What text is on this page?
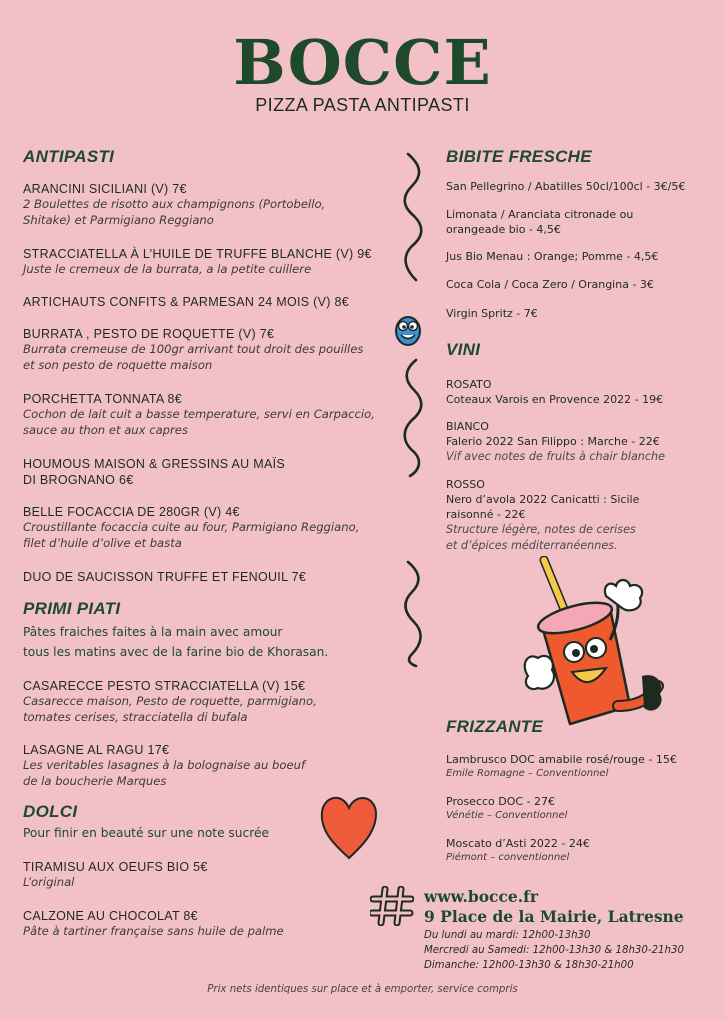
BOCCE
PIZZA PASTA ANTIPASTI
ANTIPASTI
ARANCINI SICILIANI (V) 7€
2 Boulettes de risotto aux champignons (Portobello,
Shitake) et Parmigiano Reggiano
STRACCIATELLA À L’HUILE DE TRUFFE BLANCHE (V) 9€
Juste le cremeux de la burrata, a la petite cuillere
ARTICHAUTS CONFITS & PARMESAN 24 MOIS (V) 8€
BURRATA , PESTO DE ROQUETTE (V) 7€
Burrata cremeuse de 100gr arrivant tout droit des pouilles
et son pesto de roquette maison
PORCHETTA TONNATA 8€
Cochon de lait cuit a basse temperature, servi en Carpaccio,
sauce au thon et aux capres
HOUMOUS MAISON & GRESSINS AU MAÏS
DI BROGNANO 6€
BELLE FOCACCIA DE 280GR (V) 4€
Croustillante focaccia cuite au four, Parmigiano Reggiano,
filet d’huile d’olive et basta
DUO DE SAUCISSON TRUFFE ET FENOUIL 7€
PRIMI PIATI
Pâtes fraiches faites à la main avec amour
tous les matins avec de la farine bio de Khorasan.
CASARECCE PESTO STRACCIATELLA (V) 15€
Casarecce maison, Pesto de roquette, parmigiano,
tomates cerises, stracciatella di bufala
LASAGNE AL RAGU 17€
Les veritables lasagnes à la bolognaise au boeuf
de la boucherie Marques
DOLCI
Pour finir en beauté sur une note sucrée
TIRAMISU AUX OEUFS BIO 5€
L’original
CALZONE AU CHOCOLAT 8€
Pâte à tartiner française sans huile de palme
BIBITE FRESCHE
San Pellegrino / Abatilles 50cl/100cl - 3€/5€
Limonata / Aranciata citronade ou
orangeade bio - 4,5€
Jus Bio Menau : Orange; Pomme - 4,5€
Coca Cola / Coca Zero / Orangina - 3€
Virgin Spritz - 7€
VINI
ROSATO
Coteaux Varois en Provence 2022 - 19€
BIANCO
Falerio 2022 San Filippo : Marche - 22€
Vif avec notes de fruits à chair blanche
ROSSO
Nero d’avola 2022 Canicatti : Sicile
raisonné - 22€
Structure légère, notes de cerises
et d’épices méditerranéennes.
FRIZZANTE
Lambrusco DOC amabile rosé/rouge - 15€
Emile Romagne – Conventionnel
Prosecco DOC - 27€
Vénétie – Conventionnel
Moscato d’Asti 2022 - 24€
Piémont – conventionnel
www.bocce.fr
9 Place de la Mairie, Latresne
Du lundi au mardi: 12h00-13h30
Mercredi au Samedi: 12h00-13h30 & 18h30-21h30
Dimanche: 12h00-13h30 & 18h30-21h00
Prix nets identiques sur place et à emporter, service compris
